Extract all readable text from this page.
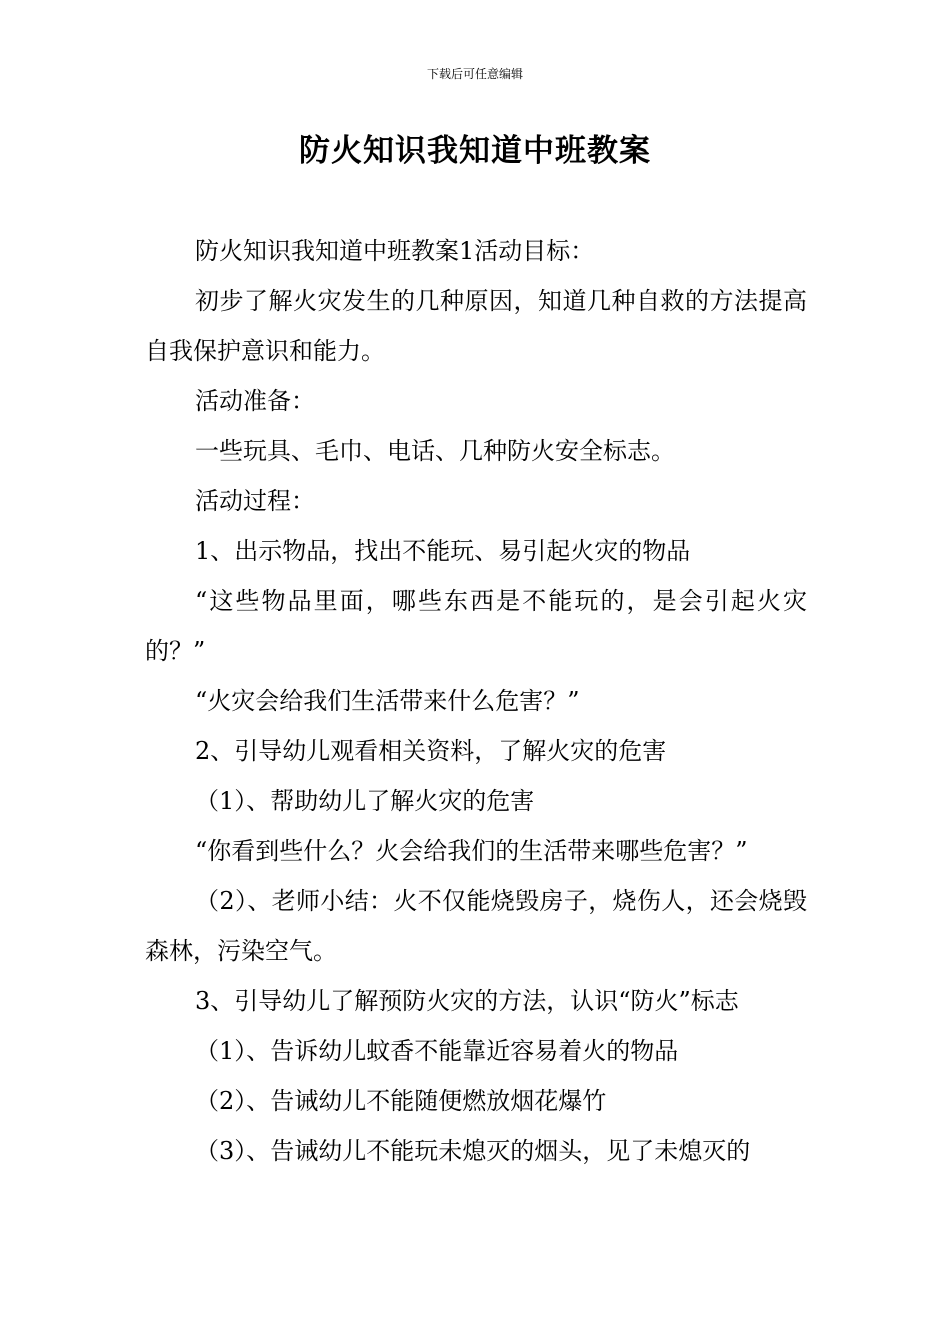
下载后可任意编辑
防火知识我知道中班教案

防火知识我知道中班教案1活动目标：

初步了解火灾发生的几种原因，知道几种自救的方法提高自我保护意识和能力。

活动准备：

一些玩具、毛巾、电话、几种防火安全标志。

活动过程：

1、出示物品，找出不能玩、易引起火灾的物品

“这些物品里面，哪些东西是不能玩的，是会引起火灾的？”

“火灾会给我们生活带来什么危害？”

2、引导幼儿观看相关资料，了解火灾的危害

（1）、帮助幼儿了解火灾的危害

“你看到些什么？火会给我们的生活带来哪些危害？”

（2）、老师小结：火不仅能烧毁房子，烧伤人，还会烧毁森林，污染空气。

3、引导幼儿了解预防火灾的方法，认识“防火”标志

（1）、告诉幼儿蚊香不能靠近容易着火的物品

（2）、告诫幼儿不能随便燃放烟花爆竹

（3）、告诫幼儿不能玩未熄灭的烟头，见了未熄灭的
